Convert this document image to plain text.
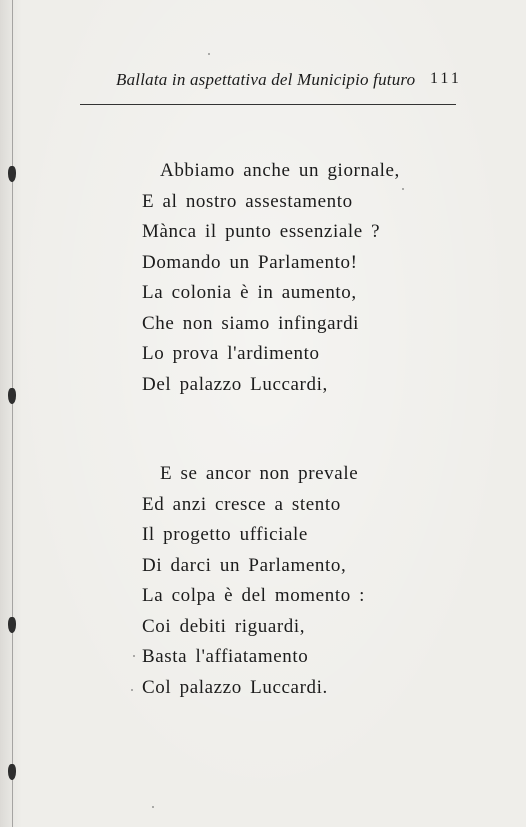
Ballata in aspettativa del Municipio futuro 111
Abbiamo anche un giornale,
E al nostro assestamento
Mànca il punto essenziale ?
Domando un Parlamento!
La colonia è in aumento,
Che non siamo infingardi
Lo prova l'ardimento
Del palazzo Luccardi,
E se ancor non prevale
Ed anzi cresce a stento
Il progetto ufficiale
Di darci un Parlamento,
La colpa è del momento :
Coi debiti riguardi,
Basta l'affiatamento
Col palazzo Luccardi.
